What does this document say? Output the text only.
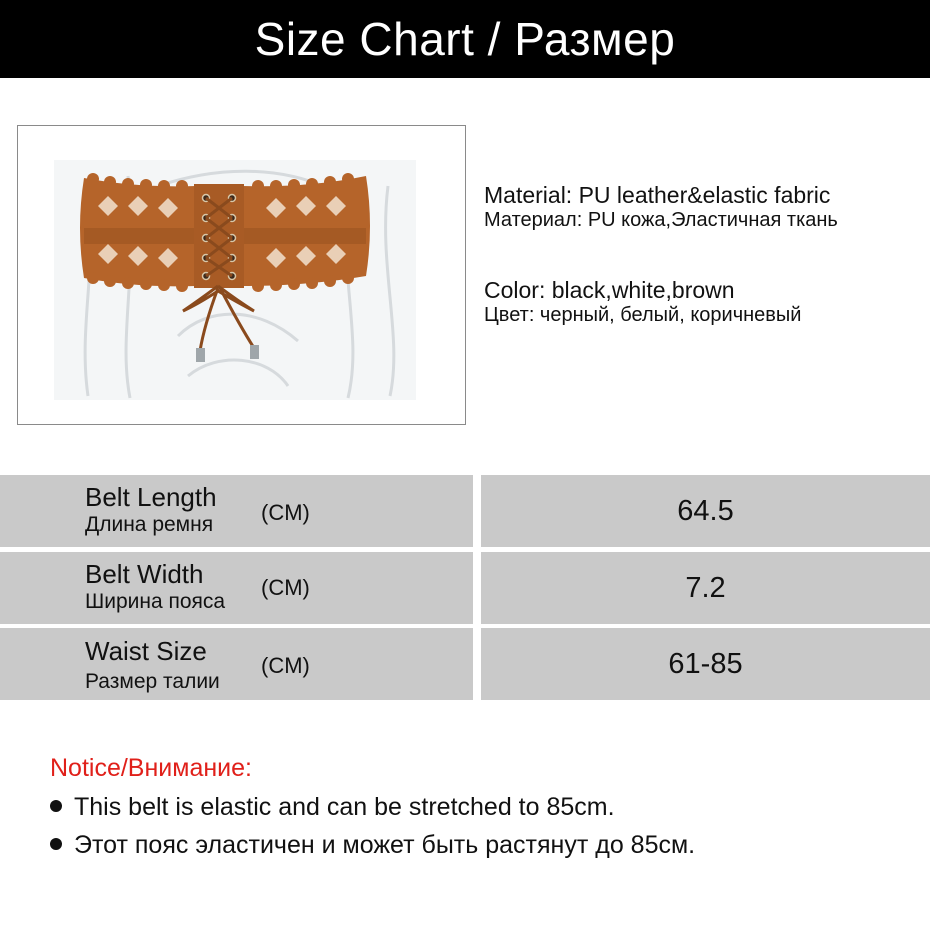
Size Chart / Размер
Material: PU leather&elastic fabric
Материал: PU кожа,Эластичная ткань
Color: black,white,brown
Цвет: черный, белый, коричневый
Belt Length
Длина ремня (CM)	64.5
Belt Width
Ширина пояса
(CM)	7.2
Waist Size
Размер талии
(CM)	61-85
Notice/Внимание:
This belt is elastic and can be stretched to 85cm.
Этот пояс эластичен и может быть растянут до 85см.
